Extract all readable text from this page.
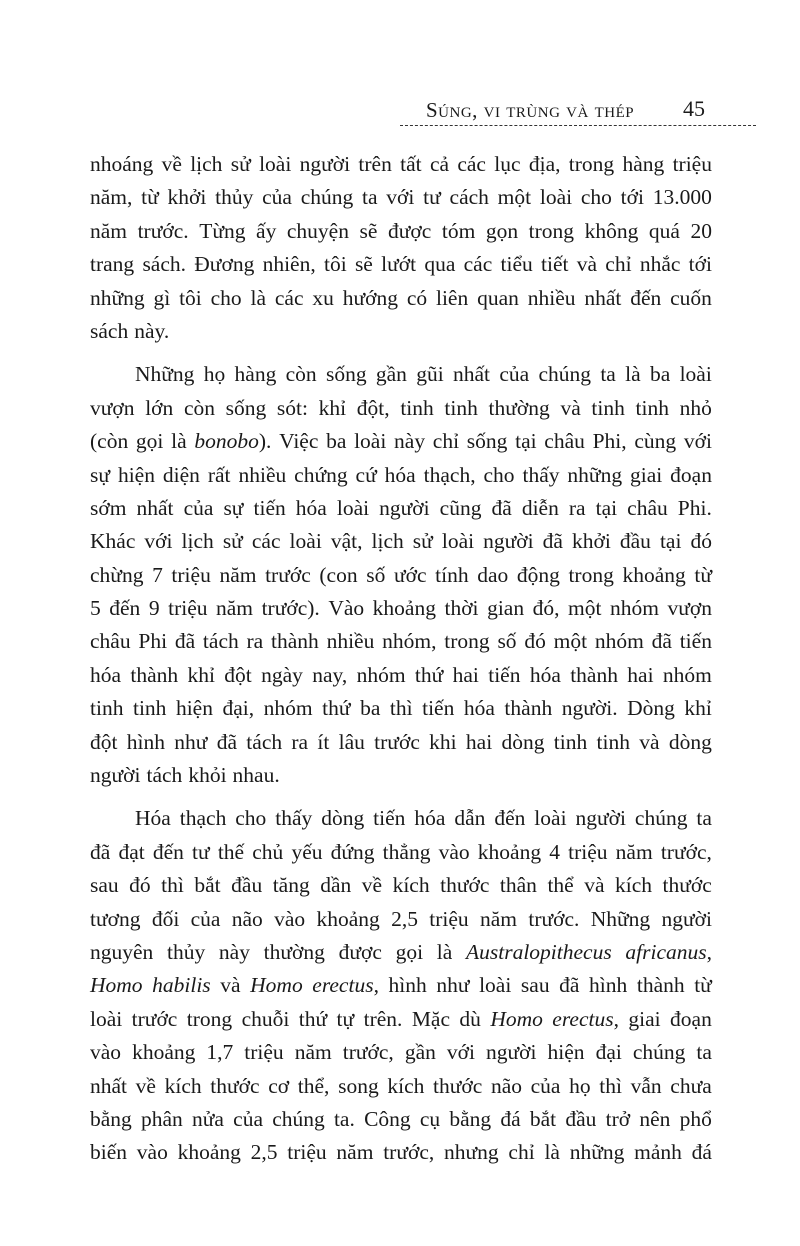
Súng, vi trùng và thép 45
nhoáng về lịch sử loài người trên tất cả các lục địa, trong hàng triệu
năm, từ khởi thủy của chúng ta với tư cách một loài cho tới 13.000
năm trước. Từng ấy chuyện sẽ được tóm gọn trong không quá 20
trang sách. Đương nhiên, tôi sẽ lướt qua các tiểu tiết và chỉ nhắc tới
những gì tôi cho là các xu hướng có liên quan nhiều nhất đến cuốn
sách này.
Những họ hàng còn sống gần gũi nhất của chúng ta là ba loài
vượn lớn còn sống sót: khỉ đột, tinh tinh thường và tinh tinh nhỏ
(còn gọi là bonobo). Việc ba loài này chỉ sống tại châu Phi, cùng với
sự hiện diện rất nhiều chứng cứ hóa thạch, cho thấy những giai đoạn
sớm nhất của sự tiến hóa loài người cũng đã diễn ra tại châu Phi.
Khác với lịch sử các loài vật, lịch sử loài người đã khởi đầu tại đó
chừng 7 triệu năm trước (con số ước tính dao động trong khoảng từ
5 đến 9 triệu năm trước). Vào khoảng thời gian đó, một nhóm vượn
châu Phi đã tách ra thành nhiều nhóm, trong số đó một nhóm đã tiến
hóa thành khỉ đột ngày nay, nhóm thứ hai tiến hóa thành hai nhóm
tinh tinh hiện đại, nhóm thứ ba thì tiến hóa thành người. Dòng khỉ
đột hình như đã tách ra ít lâu trước khi hai dòng tinh tinh và dòng
người tách khỏi nhau.
Hóa thạch cho thấy dòng tiến hóa dẫn đến loài người chúng ta
đã đạt đến tư thế chủ yếu đứng thẳng vào khoảng 4 triệu năm trước,
sau đó thì bắt đầu tăng dần về kích thước thân thể và kích thước
tương đối của não vào khoảng 2,5 triệu năm trước. Những người
nguyên thủy này thường được gọi là Australopithecus africanus,
Homo habilis và Homo erectus, hình như loài sau đã hình thành từ
loài trước trong chuỗi thứ tự trên. Mặc dù Homo erectus, giai đoạn
vào khoảng 1,7 triệu năm trước, gần với người hiện đại chúng ta
nhất về kích thước cơ thể, song kích thước não của họ thì vẫn chưa
bằng phân nửa của chúng ta. Công cụ bằng đá bắt đầu trở nên phổ
biến vào khoảng 2,5 triệu năm trước, nhưng chỉ là những mảnh đá
